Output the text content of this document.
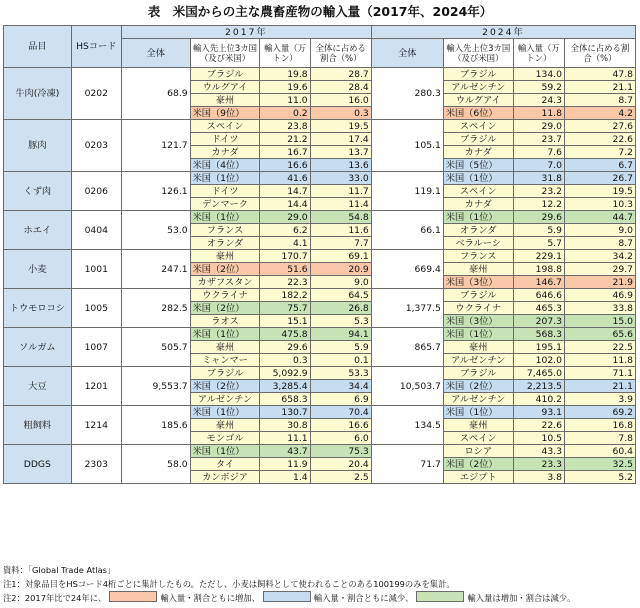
表　米国からの主な農畜産物の輸入量（2017年、2024年）
品目	HSコード	2017年				2024年			
		全体	輸入先上位3カ国（及び米国）	輸入量（万トン）	全体に占める割合（%）	全体	輸入先上位3カ国（及び米国）	輸入量（万トン）	全体に占める割合（%）
牛肉(冷凍)	0202	68.9	ブラジル	19.8	28.7	280.3	ブラジル	134.0	47.8
			ウルグアイ	19.6	28.4		アルゼンチン	59.2	21.1
			豪州	11.0	16.0		ウルグアイ	24.3	8.7
			米国（9位）	0.2	0.3		米国（6位）	11.8	4.2
豚肉	0203	121.7	スペイン	23.8	19.5	105.1	スペイン	29.0	27.6
			ドイツ	21.2	17.4		ブラジル	23.7	22.6
			カナダ	16.7	13.7		カナダ	7.6	7.2
			米国（4位）	16.6	13.6		米国（5位）	7.0	6.7
くず肉	0206	126.1	米国（1位）	41.6	33.0	119.1	米国（1位）	31.8	26.7
			ドイツ	14.7	11.7		スペイン	23.2	19.5
			デンマーク	14.4	11.4		カナダ	12.2	10.3
ホエイ	0404	53.0	米国（1位）	29.0	54.8	66.1	米国（1位）	29.6	44.7
			フランス	6.2	11.6		オランダ	5.9	9.0
			オランダ	4.1	7.7		ベラルーシ	5.7	8.7
小麦	1001	247.1	豪州	170.7	69.1	669.4	フランス	229.1	34.2
			米国（2位）	51.6	20.9		豪州	198.8	29.7
			カザフスタン	22.3	9.0		米国（3位）	146.7	21.9
トウモロコシ	1005	282.5	ウクライナ	182.2	64.5	1,377.5	ブラジル	646.6	46.9
			米国（2位）	75.7	26.8		ウクライナ	465.3	33.8
			ラオス	15.1	5.3		米国（3位）	207.3	15.0
ソルガム	1007	505.7	米国（1位）	475.8	94.1	865.7	米国（1位）	568.3	65.6
			豪州	29.6	5.9		豪州	195.1	22.5
			ミャンマー	0.3	0.1		アルゼンチン	102.0	11.8
大豆	1201	9,553.7	ブラジル	5,092.9	53.3	10,503.7	ブラジル	7,465.0	71.1
			米国（2位）	3,285.4	34.4		米国（2位）	2,213.5	21.1
			アルゼンチン	658.3	6.9		アルゼンチン	410.2	3.9
粗飼料	1214	185.6	米国（1位）	130.7	70.4	134.5	米国（1位）	93.1	69.2
			豪州	30.8	16.6		豪州	22.6	16.8
			モンゴル	11.1	6.0		スペイン	10.5	7.8
DDGS	2303	58.0	米国（1位）	43.7	75.3	71.7	ロシア	43.3	60.4
			タイ	11.9	20.4		米国（2位）	23.3	32.5
			カンボジア	1.4	2.5		エジプト	3.8	5.2
資料：「Global Trade Atlas」
注1：対象品目をHSコード4桁ごとに集計したもの。ただし、小麦は飼料として使われることのある100199のみを集計。
注2：2017年比で24年に、	輸入量・割合ともに増加、	輸入量・割合ともに減少、	輸入量は増加・割合は減少。
